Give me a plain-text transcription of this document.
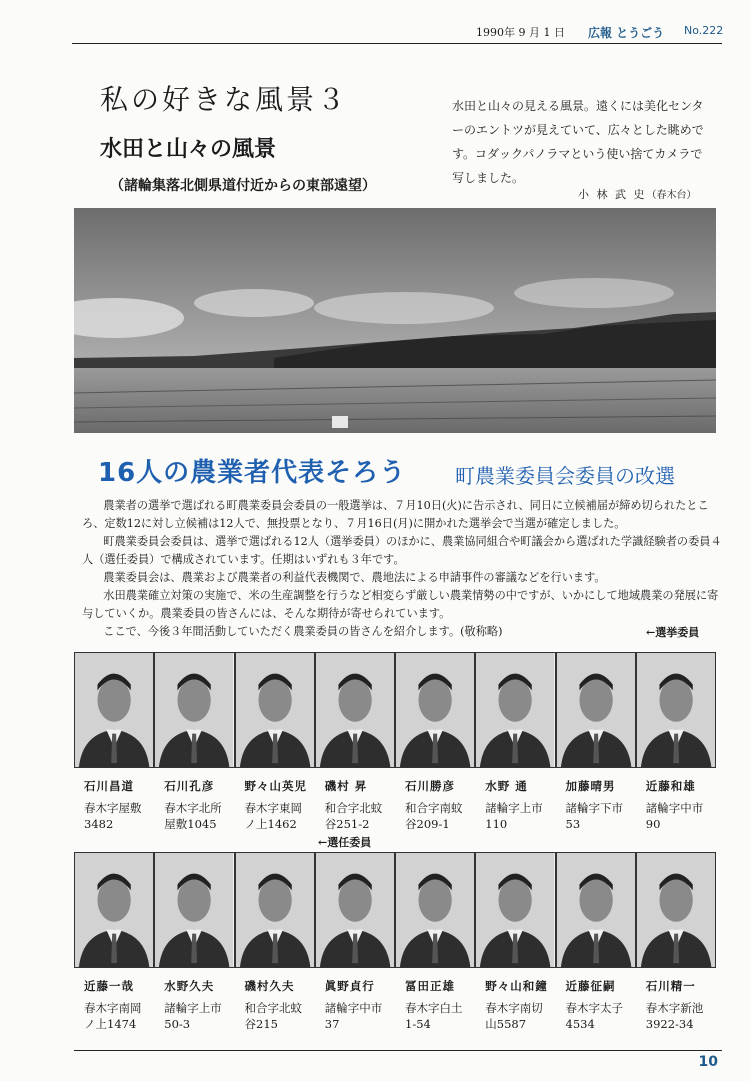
1990年 9 月 1 日 広報 とうごう No.222
私の好きな風景３
水田と山々の風景
（諸輪集落北側県道付近からの東部遠望）
水田と山々の見える風景。遠くには美化センターのエントツが見えていて、広々とした眺めです。コダックパノラマという使い捨てカメラで写しました。
小 林 武 史（春木台）
16人の農業者代表そろう 町農業委員会委員の改選

農業者の選挙で選ばれる町農業委員会委員の一般選挙は、７月10日(火)に告示され、同日に立候補届が締め切られたところ、定数12に対し立候補は12人で、無投票となり、７月16日(月)に開かれた選挙会で当選が確定しました。

町農業委員会委員は、選挙で選ばれる12人（選挙委員）のほかに、農業協同組合や町議会から選ばれた学識経験者の委員４人（選任委員）で構成されています。任期はいずれも３年です。

農業委員会は、農業および農業者の利益代表機関で、農地法による申請事件の審議などを行います。

水田農業確立対策の実施で、米の生産調整を行うなど相変らず厳しい農業情勢の中ですが、いかにして地域農業の発展に寄与していくか。農業委員の皆さんには、そんな期待が寄せられています。

ここで、今後３年間活動していただく農業委員の皆さんを紹介します。(敬称略)	←選挙委員
石川昌道
春木字屋敷
3482
石川孔彦
春木字北所
屋敷1045
野々山英児
春木字東岡
ノ上1462
磯村 昇
和合字北蚊
谷251-2
石川勝彦
和合字南蚊
谷209-1
水野 通
諸輪字上市
110
加藤晴男
諸輪字下市
53
近藤和雄
諸輪字中市
90
←選任委員
近藤一哉
春木字南岡
ノ上1474
水野久夫
諸輪字上市
50-3
磯村久夫
和合字北蚊
谷215
眞野貞行
諸輪字中市
37
冨田正雄
春木字白土
1-54
野々山和鐘
春木字南切
山5587
近藤征嗣
春木字太子
4534
石川精一
春木字新池
3922-34
10
